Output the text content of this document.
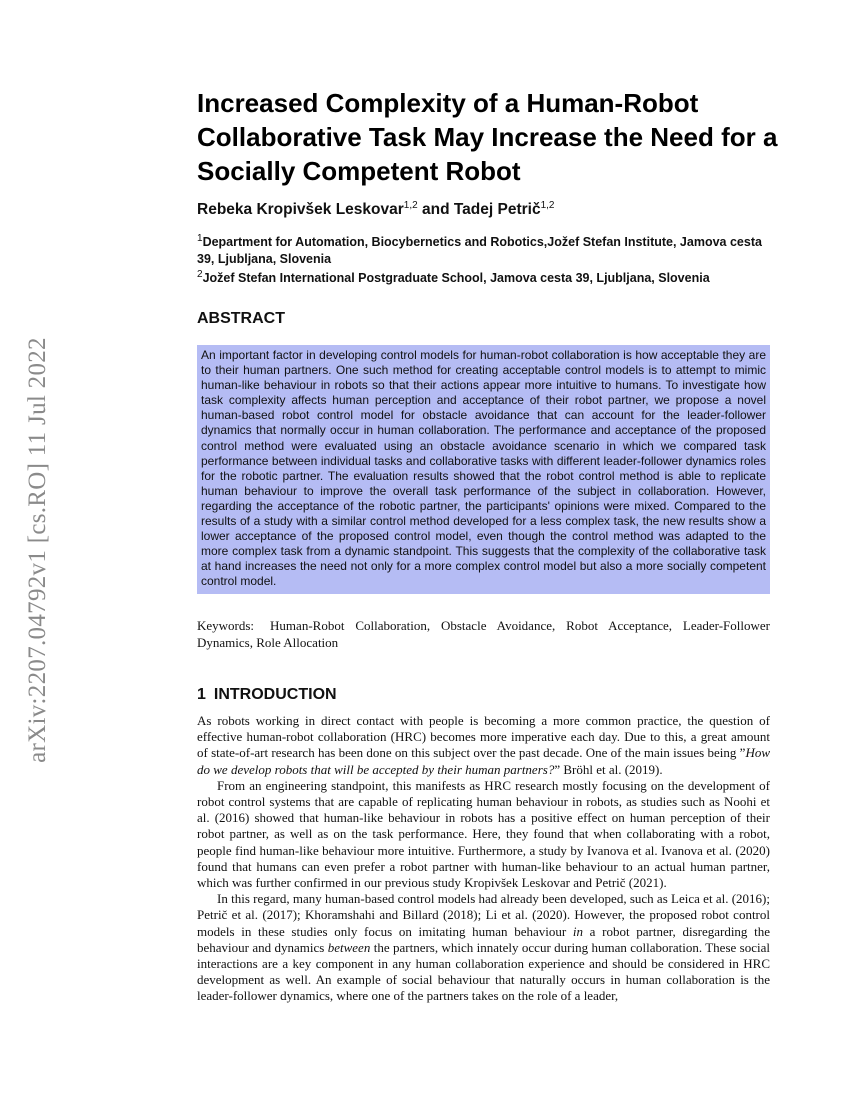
arXiv:2207.04792v1 [cs.RO] 11 Jul 2022
Increased Complexity of a Human-Robot Collaborative Task May Increase the Need for a Socially Competent Robot

Rebeka Kropivšek Leskovar$^{1,2}$ and Tadej Petrič$^{1,2}$

$^1$Department for Automation, Biocybernetics and Robotics,Jožef Stefan Institute, Jamova cesta 39, Ljubljana, Slovenia

$^2$Jožef Stefan International Postgraduate School, Jamova cesta 39, Ljubljana, Slovenia

ABSTRACT
An important factor in developing control models for human-robot collaboration is how acceptable they are to their human partners. One such method for creating acceptable control models is to attempt to mimic human-like behaviour in robots so that their actions appear more intuitive to humans. To investigate how task complexity affects human perception and acceptance of their robot partner, we propose a novel human-based robot control model for obstacle avoidance that can account for the leader-follower dynamics that normally occur in human collaboration. The performance and acceptance of the proposed control method were evaluated using an obstacle avoidance scenario in which we compared task performance between individual tasks and collaborative tasks with different leader-follower dynamics roles for the robotic partner. The evaluation results showed that the robot control method is able to replicate human behaviour to improve the overall task performance of the subject in collaboration. However, regarding the acceptance of the robotic partner, the participants' opinions were mixed. Compared to the results of a study with a similar control method developed for a less complex task, the new results show a lower acceptance of the proposed control model, even though the control method was adapted to the more complex task from a dynamic standpoint. This suggests that the complexity of the collaborative task at hand increases the need not only for a more complex control model but also a more socially competent control model.
Keywords: Human-Robot Collaboration, Obstacle Avoidance, Robot Acceptance, Leader-Follower Dynamics, Role Allocation
1 INTRODUCTION

As robots working in direct contact with people is becoming a more common practice, the question of effective human-robot collaboration (HRC) becomes more imperative each day. Due to this, a great amount of state-of-art research has been done on this subject over the past decade. One of the main issues being ”How do we develop robots that will be accepted by their human partners?” Bröhl et al. (2019).

From an engineering standpoint, this manifests as HRC research mostly focusing on the development of robot control systems that are capable of replicating human behaviour in robots, as studies such as Noohi et al. (2016) showed that human-like behaviour in robots has a positive effect on human perception of their robot partner, as well as on the task performance. Here, they found that when collaborating with a robot, people find human-like behaviour more intuitive. Furthermore, a study by Ivanova et al. Ivanova et al. (2020) found that humans can even prefer a robot partner with human-like behaviour to an actual human partner, which was further confirmed in our previous study Kropivšek Leskovar and Petrič (2021).

In this regard, many human-based control models had already been developed, such as Leica et al. (2016); Petrič et al. (2017); Khoramshahi and Billard (2018); Li et al. (2020). However, the proposed robot control models in these studies only focus on imitating human behaviour in a robot partner, disregarding the behaviour and dynamics between the partners, which innately occur during human collaboration. These social interactions are a key component in any human collaboration experience and should be considered in HRC development as well. An example of social behaviour that naturally occurs in human collaboration is the leader-follower dynamics, where one of the partners takes on the role of a leader,
